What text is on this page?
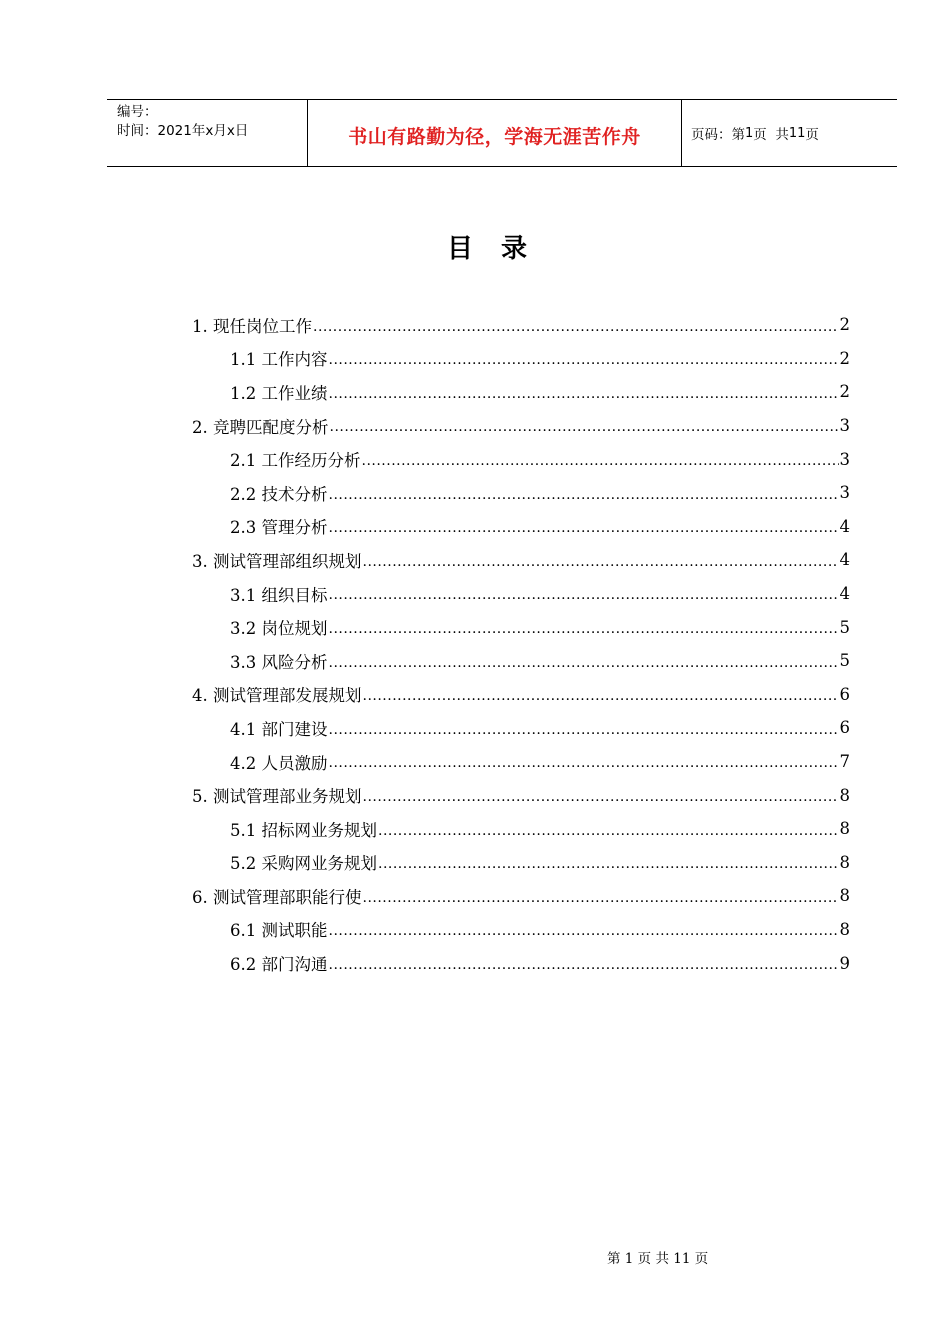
编号：
时间：2021年x月x日	书山有路勤为径，学海无涯苦作舟	页码：第 1 页  共 11 页
目录
1. 现任岗位工作 .....	2
1.1 工作内容 .....	2
1.2 工作业绩 .....	2
2. 竞聘匹配度分析 .....	3
2.1 工作经历分析 .....	3
2.2 技术分析 .....	3
2.3 管理分析 .....	4
3. 测试管理部组织规划 .....	4
3.1 组织目标 .....	4
3.2 岗位规划 .....	5
3.3 风险分析 .....	5
4. 测试管理部发展规划 .....	6
4.1 部门建设 .....	6
4.2 人员激励 .....	7
5. 测试管理部业务规划 .....	8
5.1 招标网业务规划 .....	8
5.2 采购网业务规划 .....	8
6. 测试管理部职能行使 .....	8
6.1 测试职能 .....	8
6.2 部门沟通 .....	9
第 1 页 共 11 页
